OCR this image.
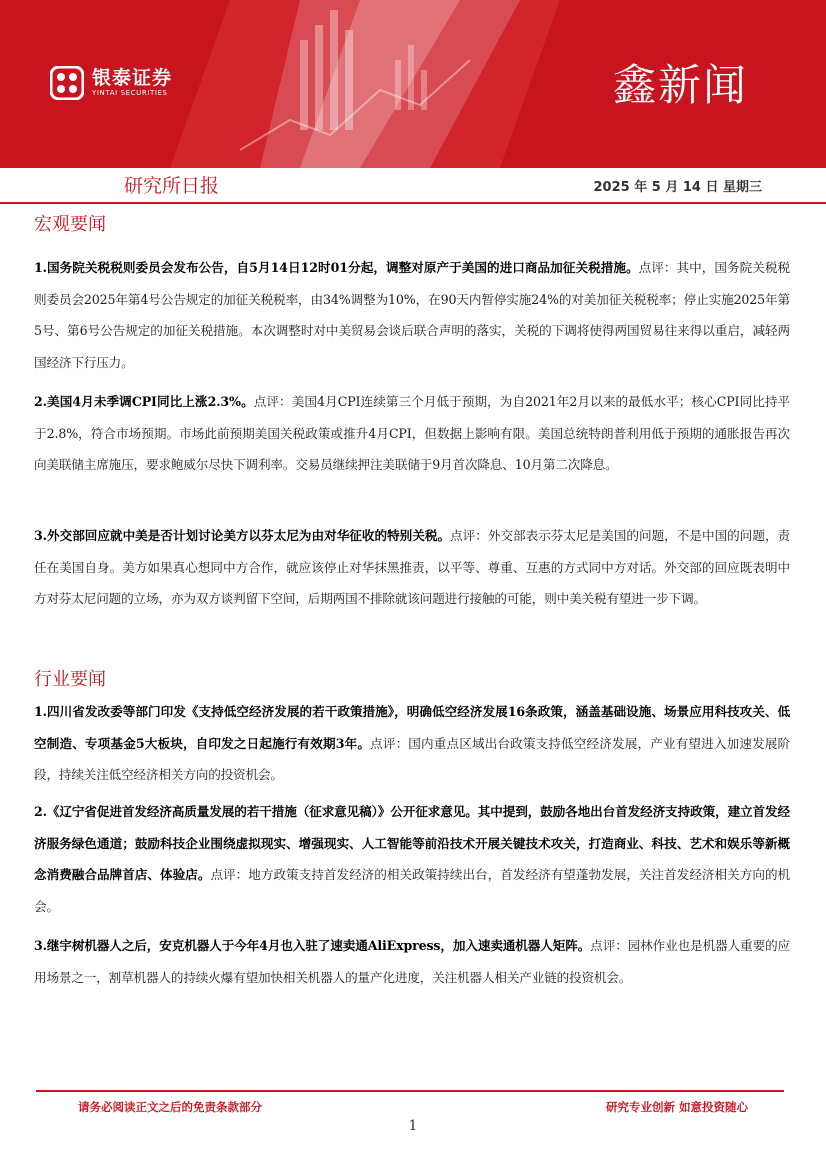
银泰证券
YINTAI SECURITIES	鑫新闻
研究所日报	2025 年 5 月 14 日 星期三
宏观要闻
1.国务院关税税则委员会发布公告，自5月14日12时01分起，调整对原产于美国的进口商品加征关税措施。点评：其中，国务院关税税则委员会2025年第4号公告规定的加征关税税率，由34%调整为10%，在90天内暂停实施24%的对美加征关税税率；停止实施2025年第5号、第6号公告规定的加征关税措施。本次调整时对中美贸易会谈后联合声明的落实，关税的下调将使得两国贸易往来得以重启，减轻两国经济下行压力。
2.美国4月未季调CPI同比上涨2.3%。点评：美国4月CPI连续第三个月低于预期，为自2021年2月以来的最低水平；核心CPI同比持平于2.8%，符合市场预期。市场此前预期美国关税政策或推升4月CPI，但数据上影响有限。美国总统特朗普利用低于预期的通胀报告再次向美联储主席施压，要求鲍威尔尽快下调利率。交易员继续押注美联储于9月首次降息、10月第二次降息。
3.外交部回应就中美是否计划讨论美方以芬太尼为由对华征收的特别关税。点评：外交部表示芬太尼是美国的问题，不是中国的问题，责任在美国自身。美方如果真心想同中方合作，就应该停止对华抹黑推责，以平等、尊重、互惠的方式同中方对话。外交部的回应既表明中方对芬太尼问题的立场，亦为双方谈判留下空间，后期两国不排除就该问题进行接触的可能，则中美关税有望进一步下调。
行业要闻
1.四川省发改委等部门印发《支持低空经济发展的若干政策措施》，明确低空经济发展16条政策，涵盖基础设施、场景应用科技攻关、低空制造、专项基金5大板块，自印发之日起施行有效期3年。点评：国内重点区域出台政策支持低空经济发展，产业有望进入加速发展阶段，持续关注低空经济相关方向的投资机会。
2.《辽宁省促进首发经济高质量发展的若干措施（征求意见稿）》公开征求意见。其中提到，鼓励各地出台首发经济支持政策，建立首发经济服务绿色通道；鼓励科技企业围绕虚拟现实、增强现实、人工智能等前沿技术开展关键技术攻关，打造商业、科技、艺术和娱乐等新概念消费融合品牌首店、体验店。点评：地方政策支持首发经济的相关政策持续出台，首发经济有望蓬勃发展，关注首发经济相关方向的机会。
3.继宇树机器人之后，安克机器人于今年4月也入驻了速卖通AliExpress，加入速卖通机器人矩阵。点评：园林作业也是机器人重要的应用场景之一，割草机器人的持续火爆有望加快相关机器人的量产化进度，关注机器人相关产业链的投资机会。
请务必阅读正文之后的免责条款部分	研究专业创新 如意投资随心
1
